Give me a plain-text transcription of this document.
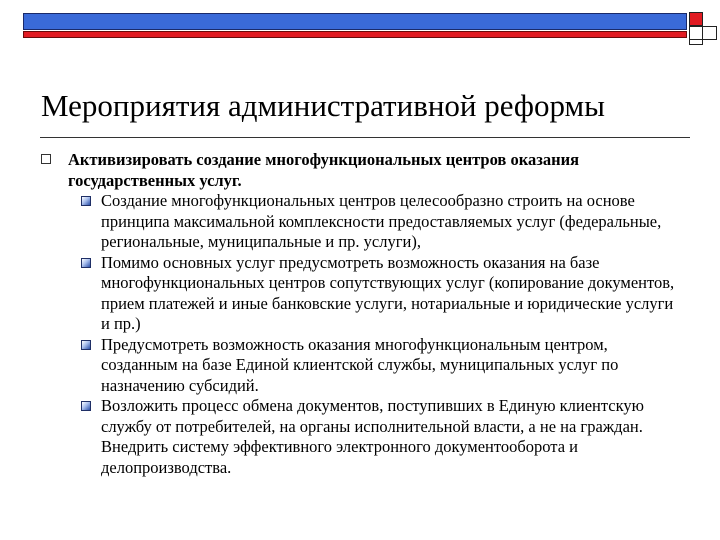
Мероприятия административной реформы
Активизировать создание многофункциональных центров оказания государственных услуг.
Создание многофункциональных центров целесообразно строить на основе принципа максимальной комплексности предоставляемых услуг (федеральные, региональные, муниципальные и пр. услуги),
Помимо основных услуг предусмотреть возможность оказания на базе многофункциональных центров сопутствующих услуг (копирование документов, прием платежей и иные банковские услуги, нотариальные и юридические услуги и пр.)
Предусмотреть возможность оказания многофункциональным центром, созданным на базе Единой клиентской службы, муниципальных услуг по назначению субсидий.
Возложить процесс обмена документов, поступивших в Единую клиентскую службу от потребителей, на органы исполнительной власти, а не на граждан. Внедрить систему эффективного электронного документооборота и делопроизводства.
